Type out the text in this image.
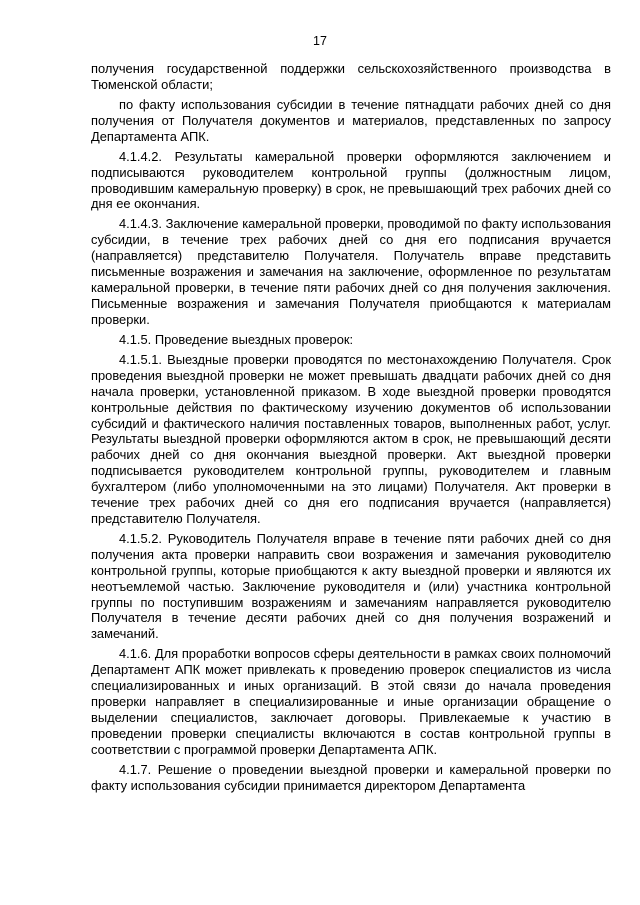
17

получения государственной поддержки сельскохозяйственного производства в Тюменской области;

по факту использования субсидии в течение пятнадцати рабочих дней со дня получения от Получателя документов и материалов, представленных по запросу Департамента АПК.

4.1.4.2. Результаты камеральной проверки оформляются заключением и подписываются руководителем контрольной группы (должностным лицом, проводившим камеральную проверку) в срок, не превышающий трех рабочих дней со дня ее окончания.

4.1.4.3. Заключение камеральной проверки, проводимой по факту использования субсидии, в течение трех рабочих дней со дня его подписания вручается (направляется) представителю Получателя. Получатель вправе представить письменные возражения и замечания на заключение, оформленное по результатам камеральной проверки, в течение пяти рабочих дней со дня получения заключения. Письменные возражения и замечания Получателя приобщаются к материалам проверки.

4.1.5. Проведение выездных проверок:

4.1.5.1. Выездные проверки проводятся по местонахождению Получателя. Срок проведения выездной проверки не может превышать двадцати рабочих дней со дня начала проверки, установленной приказом. В ходе выездной проверки проводятся контрольные действия по фактическому изучению документов об использовании субсидий и фактического наличия поставленных товаров, выполненных работ, услуг. Результаты выездной проверки оформляются актом в срок, не превышающий десяти рабочих дней со дня окончания выездной проверки. Акт выездной проверки подписывается руководителем контрольной группы, руководителем и главным бухгалтером (либо уполномоченными на это лицами) Получателя. Акт проверки в течение трех рабочих дней со дня его подписания вручается (направляется) представителю Получателя.

4.1.5.2. Руководитель Получателя вправе в течение пяти рабочих дней со дня получения акта проверки направить свои возражения и замечания руководителю контрольной группы, которые приобщаются к акту выездной проверки и являются их неотъемлемой частью. Заключение руководителя и (или) участника контрольной группы по поступившим возражениям и замечаниям направляется руководителю Получателя в течение десяти рабочих дней со дня получения возражений и замечаний.

4.1.6. Для проработки вопросов сферы деятельности в рамках своих полномочий Департамент АПК может привлекать к проведению проверок специалистов из числа специализированных и иных организаций. В этой связи до начала проведения проверки направляет в специализированные и иные организации обращение о выделении специалистов, заключает договоры. Привлекаемые к участию в проведении проверки специалисты включаются в состав контрольной группы в соответствии с программой проверки Департамента АПК.

4.1.7. Решение о проведении выездной проверки и камеральной проверки по факту использования субсидии принимается директором Департамента
